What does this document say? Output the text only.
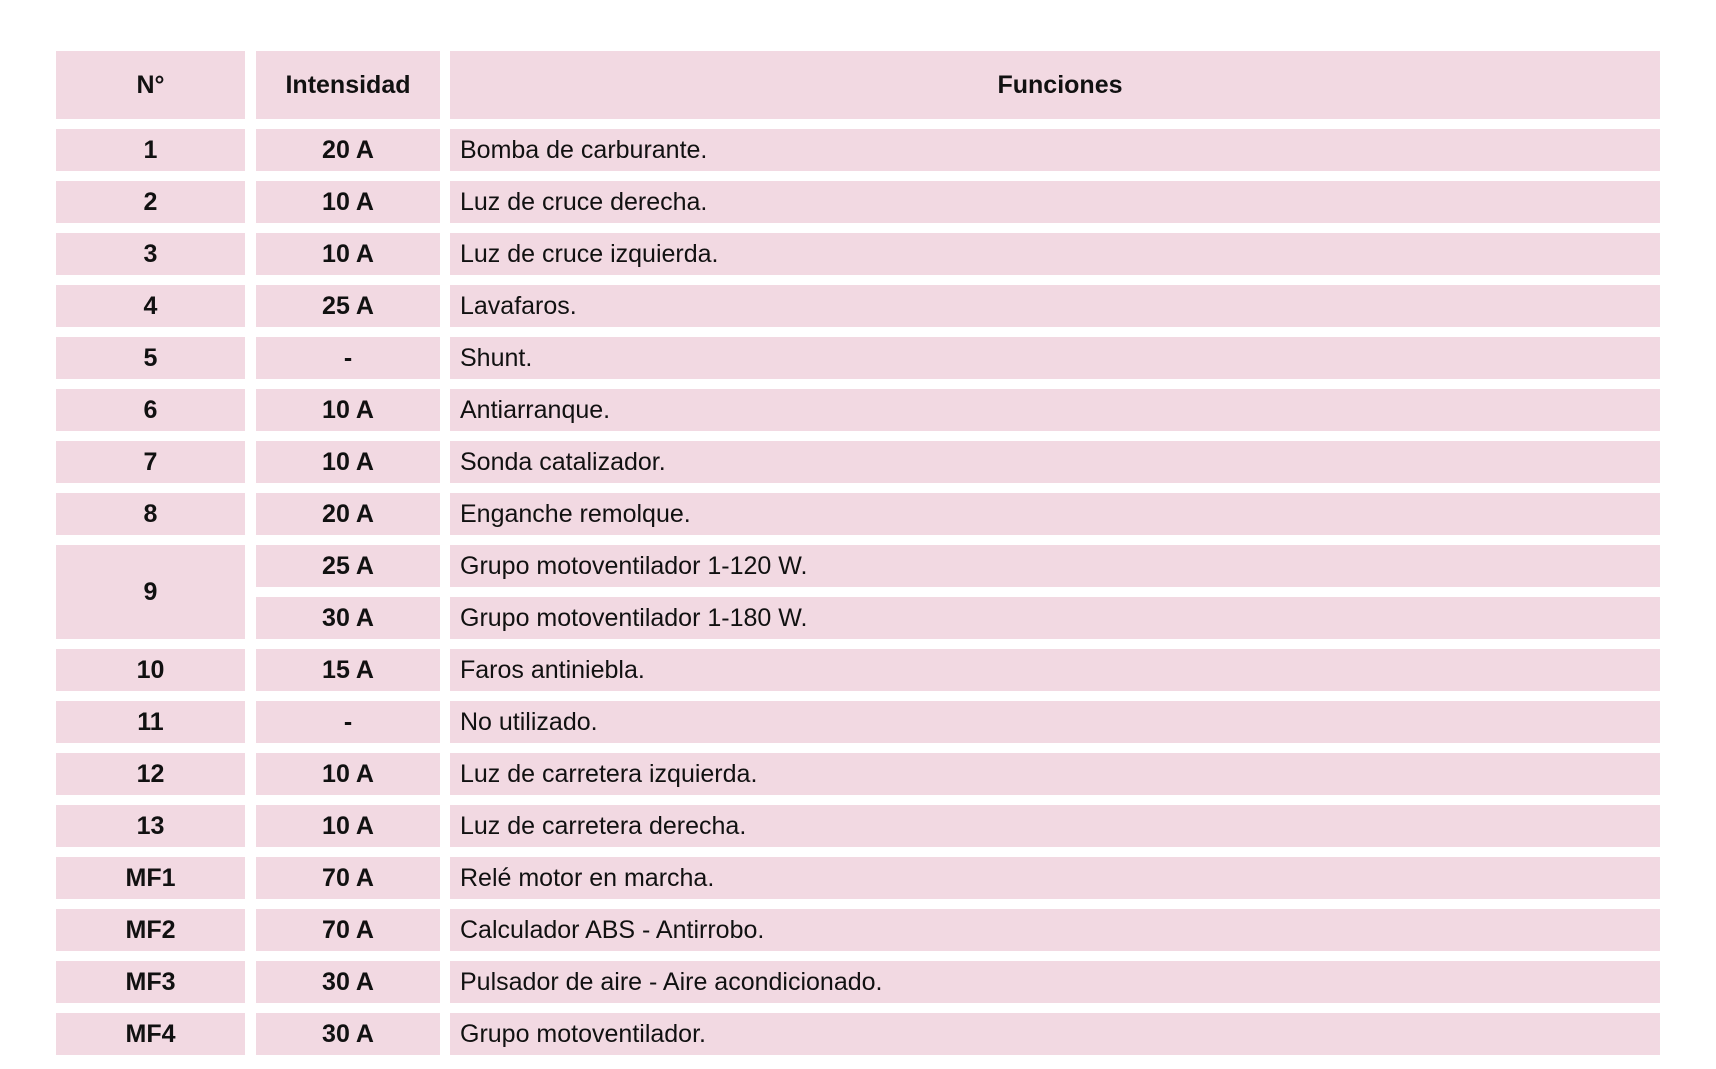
N°	Intensidad	Funciones
1	20 A	Bomba de carburante.
2	10 A	Luz de cruce derecha.
3	10 A	Luz de cruce izquierda.
4	25 A	Lavafaros.
5	-	Shunt.
6	10 A	Antiarranque.
7	10 A	Sonda catalizador.
8	20 A	Enganche remolque.
9
25 A	Grupo motoventilador 1-120 W.
30 A	Grupo motoventilador 1-180 W.
10	15 A	Faros antiniebla.
11	-	No utilizado.
12	10 A	Luz de carretera izquierda.
13	10 A	Luz de carretera derecha.
MF1	70 A	Relé motor en marcha.
MF2	70 A	Calculador ABS - Antirrobo.
MF3	30 A	Pulsador de aire - Aire acondicionado.
MF4	30 A	Grupo motoventilador.
